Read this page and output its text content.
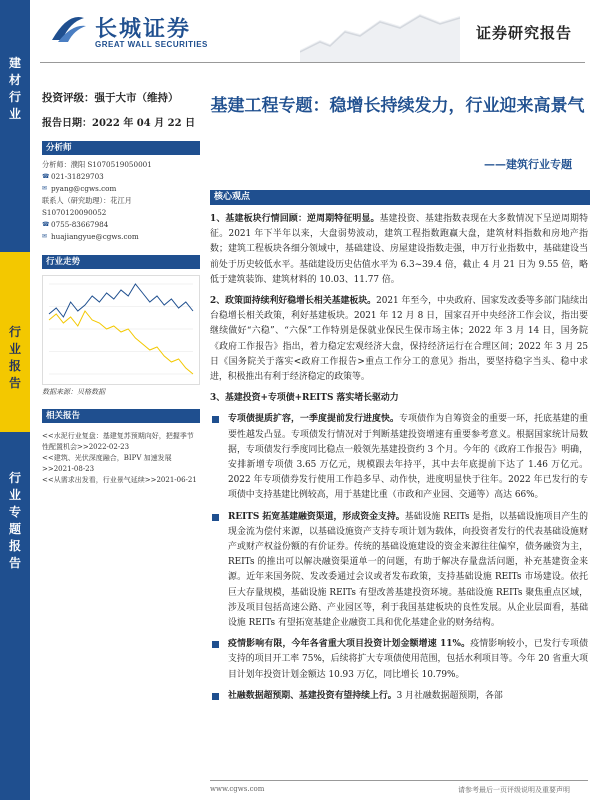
长城证券
GREAT WALL SECURITIES
证券研究报告
建
材
行
业
行
业
报
告
行
业
专
题
报
告
投资评级：强于大市（维持）
报告日期：2022 年 04 月 22 日
分析师
分析师：濮阳 S1070519050001
☎ 021-31829703
✉ pyang@cgws.com
联系人（研究助理）：花江月
S1070120090052
☎ 0755-83667984
✉ huajiangyue@cgws.com
行业走势
数据来源：贝格数据
相关报告
<<水泥行业复盘：基建复苏预期向好，把握季节性配置机会>>2022-02-23
<<建筑、光伏深度融合，BIPV 加速发展>>2021-08-23
<<从需求出发看，行业景气延续>>2021-06-21
基建工程专题：稳增长持续发力，行业迎来高景气
——建筑行业专题
核心观点

1、基建板块行情回顾：逆周期特征明显。基建投资、基建指数表现在大多数情况下呈逆周期特征。2021 年下半年以来，大盘弱势波动，建筑工程指数跑赢大盘，建筑材料指数和房地产指数；建筑工程板块各细分领域中，基础建设、房屋建设指数走强，申万行业指数中，基础建设当前处于历史较低水平。基础建设历史估值水平为 6.3~39.4 倍，截止 4 月 21 日为 9.55 倍，略低于建筑装饰、建筑材料的 10.03、11.77 倍。

2、政策面持续利好稳增长相关基建板块。2021 年至今，中央政府、国家发改委等多部门陆续出台稳增长相关政策，利好基建板块。2021 年 12 月 8 日，国家召开中央经济工作会议，指出要继续做好“六稳”、“六保”工作特别是保就业保民生保市场主体；2022 年 3 月 14 日，国务院《政府工作报告》指出，着力稳定宏观经济大盘，保持经济运行在合理区间；2022 年 3 月 25 日《国务院关于落实<政府工作报告>重点工作分工的意见》指出，要坚持稳字当头、稳中求进，积极推出有利于经济稳定的政策等。

3、基建投资+专项债+REITS 落实堵长驱动力

专项债提质扩容，一季度提前发行进度快。专项债作为自筹资金的重要一环，托底基建的重要性越发凸显。专项债发行情况对于判断基建投资增速有重要参考意义。根据国家统计局数据，专项债发行季度同比稳点一般领先基建投资约 3 个月。今年的《政府工作报告》明确，安排新增专项债 3.65 万亿元，规模跟去年持平，其中去年底提前下达了 1.46 万亿元。2022 年专项债券发行使用工作趋多早、动作快，进度明显快于往年。2022 年已发行的专项债中支持基建比例较高，用于基建比重（市政和产业园、交通等）高达 66%。

REITS 拓宽基建融资渠道，形成资金支持。基础设施 REITs 是指，以基础设施项目产生的现金流为偿付来源，以基础设施资产支持专项计划为载体，向投资者发行的代表基础设施财产或财产权益份额的有价证券。传统的基础设施建设的资金来源往往偏窄，债务融资为主，REITs 的推出可以解决融资渠道单一的问题，有助于解决存量盘活问题，补充基建资金来源。近年来国务院、发改委通过会议或者发布政策，支持基础设施 REITs 市场建设。依托巨大存量规模，基础设施 REITs 有望改善基建投资环境。基础设施 REITs 聚焦重点区域，涉及项目包括高速公路、产业园区等，利于我国基建板块的良性发展。从企业层面看，基础设施 REITs 有望拓宽基建企业融资工具和优化基建企业的财务结构。

疫情影响有限，今年各省重大项目投资计划金额增速 11%。疫情影响较小，已发行专项债支持的项目开工率 75%，后续将扩大专项债使用范围，包括水利项目等。今年 20 省重大项目计划年投资计划金额达 10.93 万亿，同比增长 10.79%。

社融数据超预期、基建投资有望持续上行。3 月社融数据超预期，各部

www.cgws.com	请参考最后一页评级说明及重要声明
